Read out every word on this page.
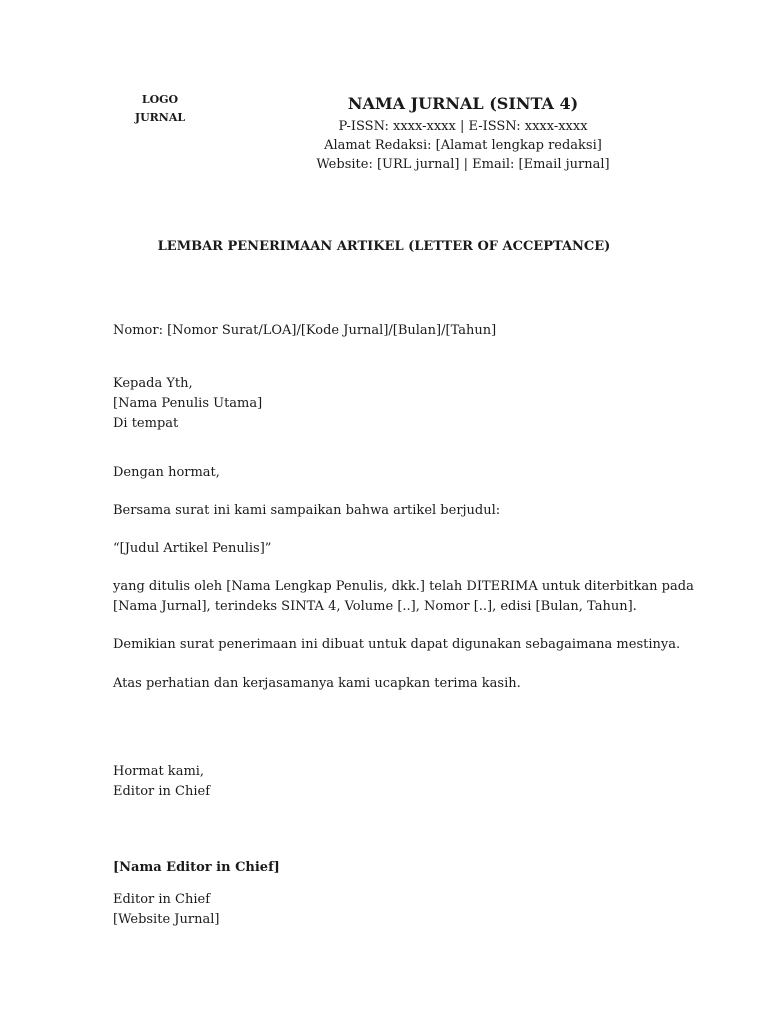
LOGO
JURNAL
NAMA JURNAL (SINTA 4)
P-ISSN: xxxx-xxxx | E-ISSN: xxxx-xxxx
Alamat Redaksi: [Alamat lengkap redaksi]
Website: [URL jurnal] | Email: [Email jurnal]
LEMBAR PENERIMAAN ARTIKEL (LETTER OF ACCEPTANCE)
Nomor: [Nomor Surat/LOA]/[Kode Jurnal]/[Bulan]/[Tahun]
Kepada Yth,
[Nama Penulis Utama]
Di tempat
Dengan hormat,
Bersama surat ini kami sampaikan bahwa artikel berjudul:
“[Judul Artikel Penulis]”
yang ditulis oleh [Nama Lengkap Penulis, dkk.] telah DITERIMA untuk diterbitkan pada
[Nama Jurnal], terindeks SINTA 4, Volume [..], Nomor [..], edisi [Bulan, Tahun].
Demikian surat penerimaan ini dibuat untuk dapat digunakan sebagaimana mestinya.
Atas perhatian dan kerjasamanya kami ucapkan terima kasih.
Hormat kami,
Editor in Chief
[Nama Editor in Chief]
Editor in Chief
[Website Jurnal]
